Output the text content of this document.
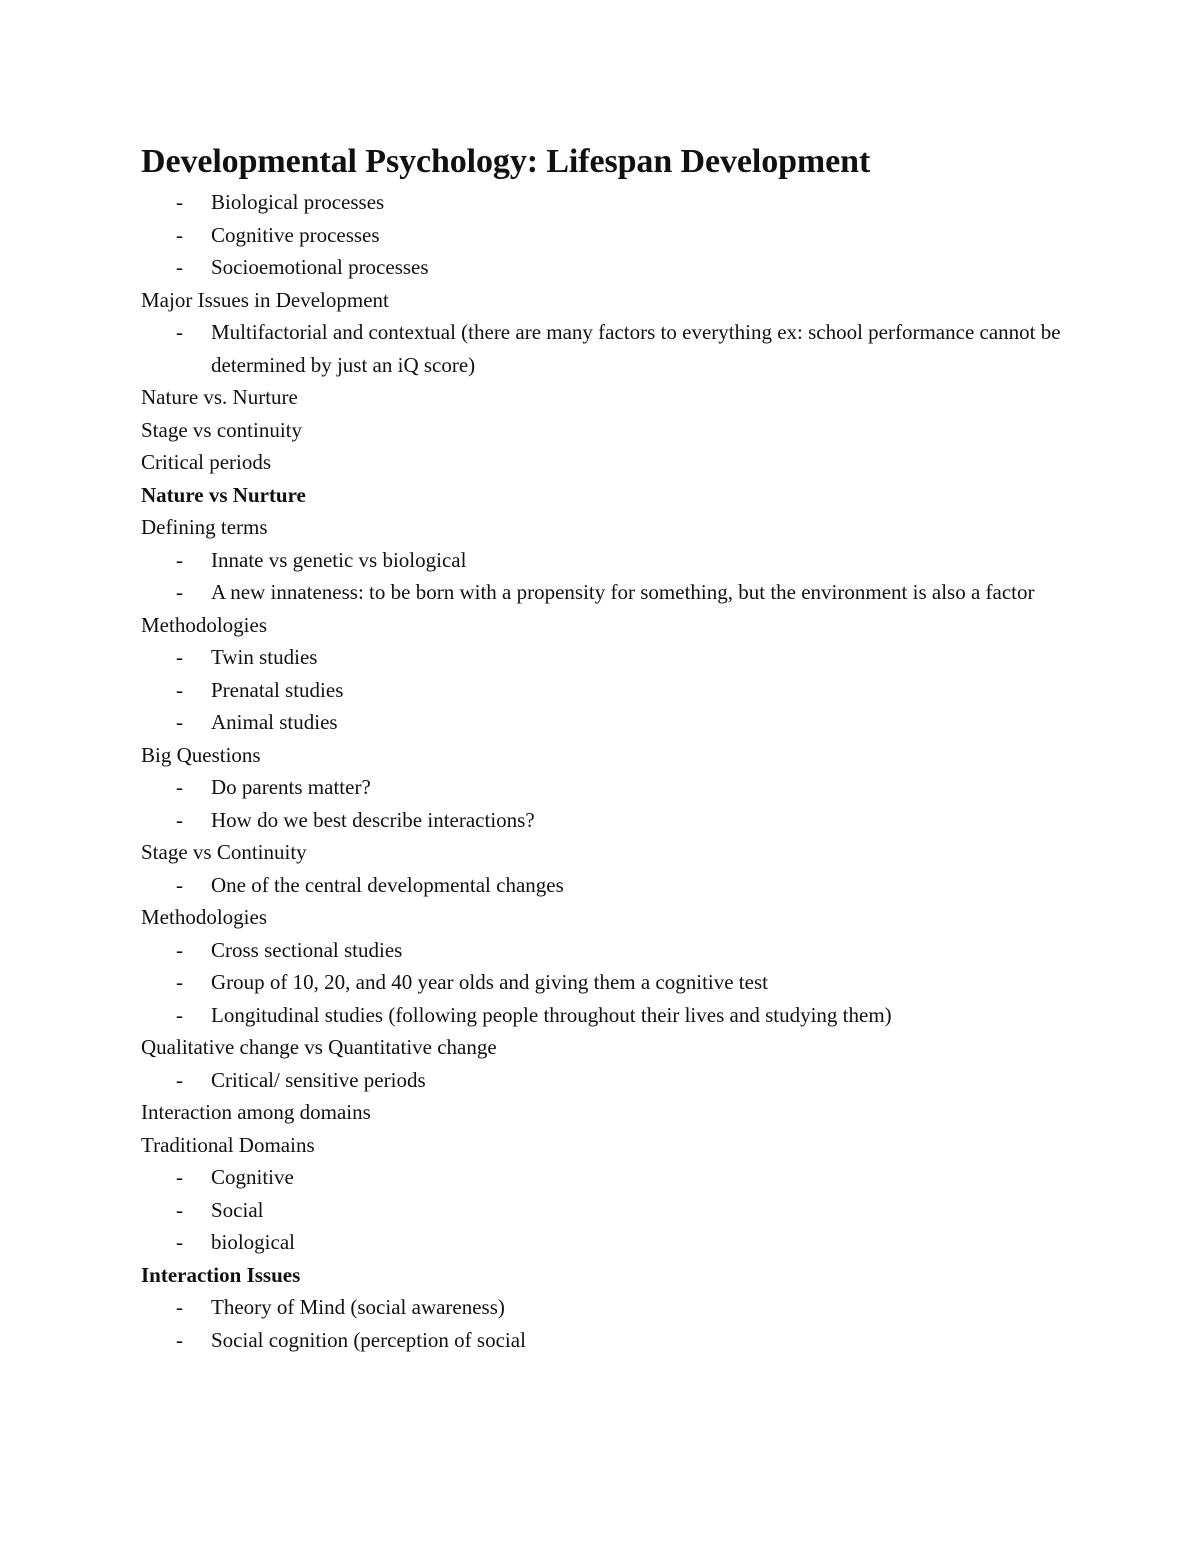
Developmental Psychology: Lifespan Development
- Biological processes
- Cognitive processes
- Socioemotional processes

Major Issues in Development

- Multifactorial and contextual (there are many factors to everything ex: school performance cannot be determined by just an iQ score)

Nature vs. Nurture

Stage vs continuity

Critical periods

Nature vs Nurture

Defining terms

- Innate vs genetic vs biological
- A new innateness: to be born with a propensity for something, but the environment is also a factor

Methodologies

- Twin studies
- Prenatal studies
- Animal studies

Big Questions

- Do parents matter?
- How do we best describe interactions?

Stage vs Continuity

- One of the central developmental changes

Methodologies

- Cross sectional studies
- Group of 10, 20, and 40 year olds and giving them a cognitive test
- Longitudinal studies (following people throughout their lives and studying them)

Qualitative change vs Quantitative change

- Critical/ sensitive periods

Interaction among domains

Traditional Domains

- Cognitive
- Social
- biological

Interaction Issues

- Theory of Mind (social awareness)
- Social cognition (perception of social
